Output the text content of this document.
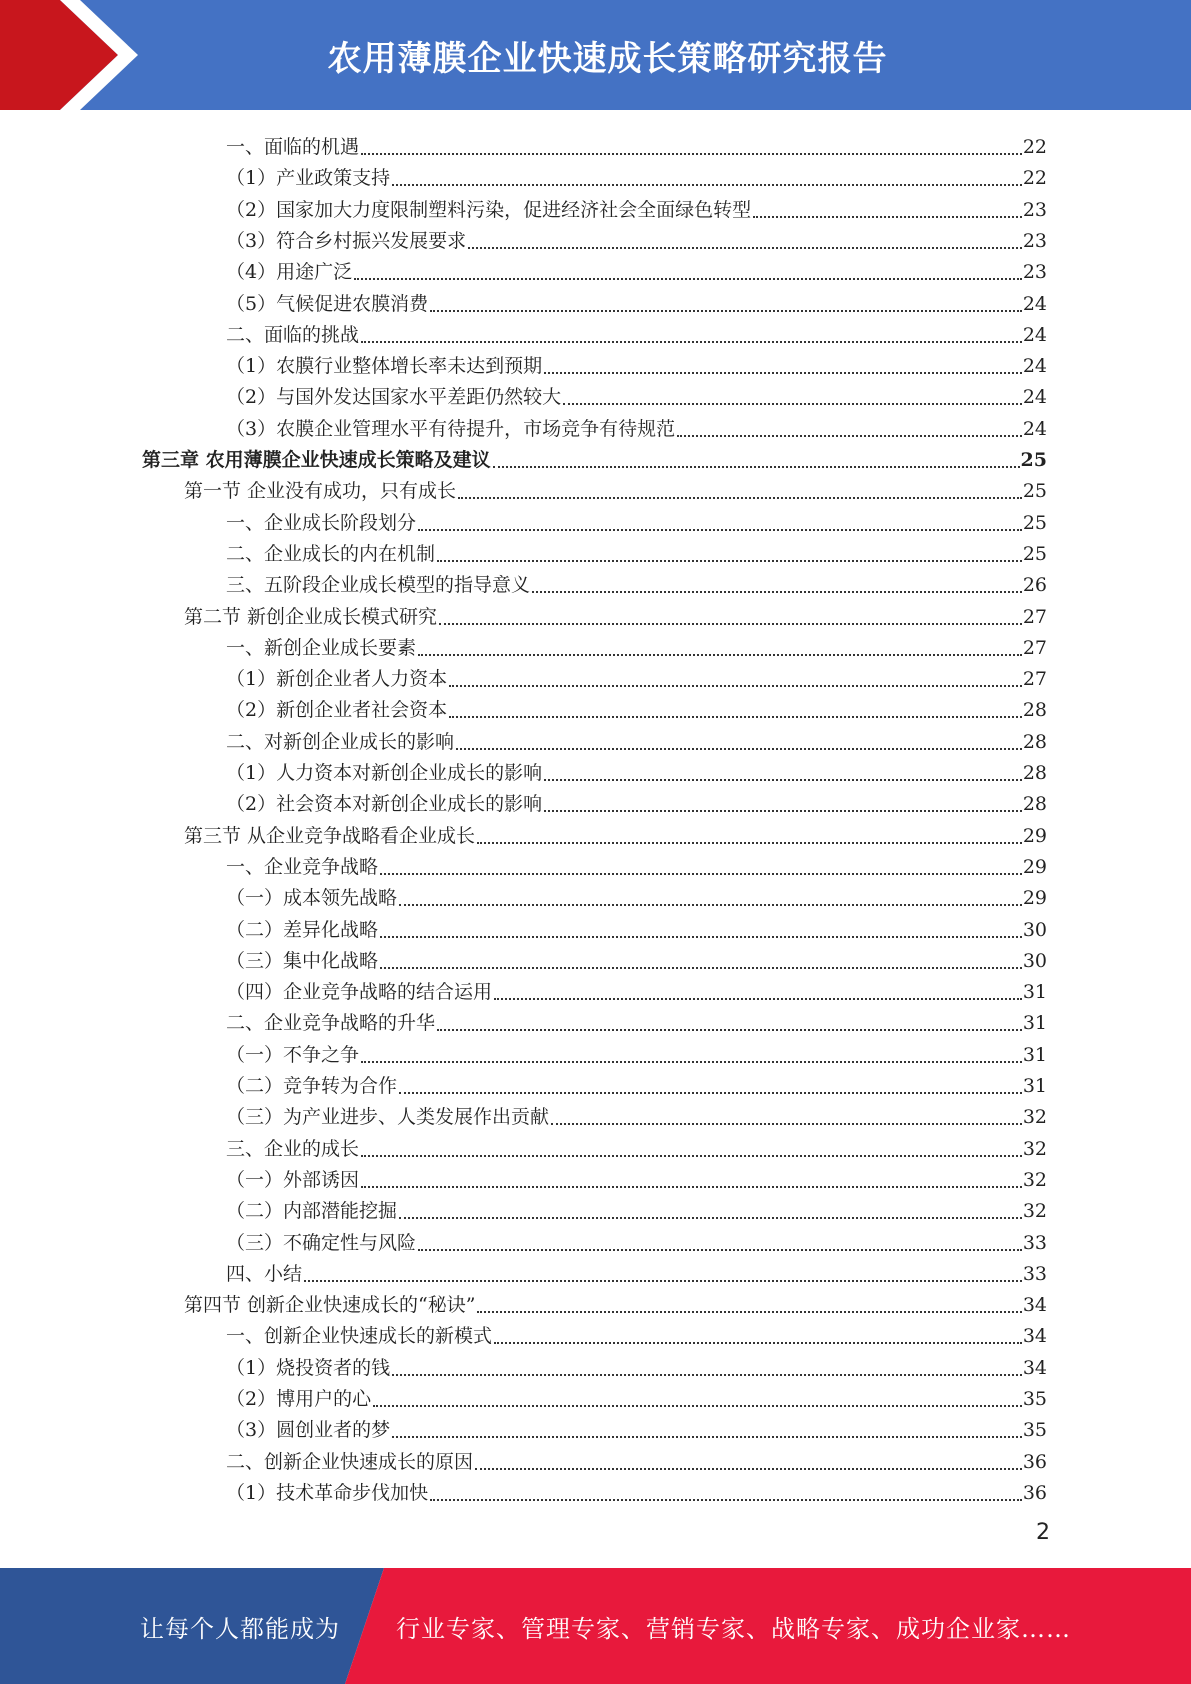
农用薄膜企业快速成长策略研究报告
一、面临的机遇	22
（1）产业政策支持	22
（2）国家加大力度限制塑料污染，促进经济社会全面绿色转型	23
（3）符合乡村振兴发展要求	23
（4）用途广泛	23
（5）气候促进农膜消费	24
二、面临的挑战	24
（1）农膜行业整体增长率未达到预期	24
（2）与国外发达国家水平差距仍然较大	24
（3）农膜企业管理水平有待提升，市场竞争有待规范	24
第三章 农用薄膜企业快速成长策略及建议	25
第一节 企业没有成功，只有成长	25
一、企业成长阶段划分	25
二、企业成长的内在机制	25
三、五阶段企业成长模型的指导意义	26
第二节 新创企业成长模式研究	27
一、新创企业成长要素	27
（1）新创企业者人力资本	27
（2）新创企业者社会资本	28
二、对新创企业成长的影响	28
（1）人力资本对新创企业成长的影响	28
（2）社会资本对新创企业成长的影响	28
第三节 从企业竞争战略看企业成长	29
一、企业竞争战略	29
（一）成本领先战略	29
（二）差异化战略	30
（三）集中化战略	30
（四）企业竞争战略的结合运用	31
二、企业竞争战略的升华	31
（一）不争之争	31
（二）竞争转为合作	31
（三）为产业进步、人类发展作出贡献	32
三、企业的成长	32
（一）外部诱因	32
（二）内部潜能挖掘	32
（三）不确定性与风险	33
四、小结	33
第四节 创新企业快速成长的“秘诀”	34
一、创新企业快速成长的新模式	34
（1）烧投资者的钱	34
（2）博用户的心	35
（3）圆创业者的梦	35
二、创新企业快速成长的原因	36
（1）技术革命步伐加快	36
2
让每个人都能成为	行业专家、管理专家、营销专家、战略专家、成功企业家……
